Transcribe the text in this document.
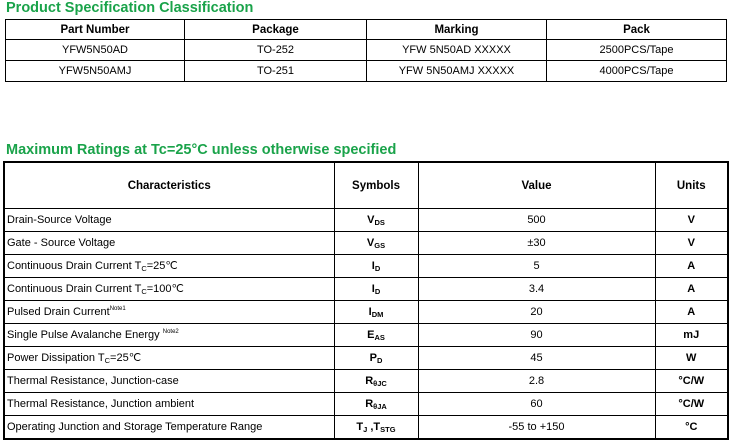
Product Specification Classification
Part Number	Package	Marking	Pack
YFW5N50AD	TO-252	YFW 5N50AD XXXXX	2500PCS/Tape
YFW5N50AMJ	TO-251	YFW 5N50AMJ XXXXX	4000PCS/Tape
Maximum Ratings at Tc=25°C unless otherwise specified
Characteristics	Symbols	Value	Units
Drain-Source Voltage	$V_{DS}$	500	V
Gate - Source Voltage	$V_{GS}$	±30	V
Continuous Drain Current TC=25℃	$I_D$	5	A
Continuous Drain Current TC=100℃	$I_D$	3.4	A
Pulsed Drain Current$^{Note1}$	$I_{DM}$	20	A
Single Pulse Avalanche Energy $^{Note2}$	$E_{AS}$	90	mJ
Power Dissipation TC=25℃	$P_D$	45	W
Thermal Resistance, Junction-case	$R_{\theta JC}$	2.8	°C/W
Thermal Resistance, Junction ambient	$R_{\theta JA}$	60	°C/W
Operating Junction and Storage Temperature Range	$T_J$ $,T_{STG}$	-55 to +150	°C
